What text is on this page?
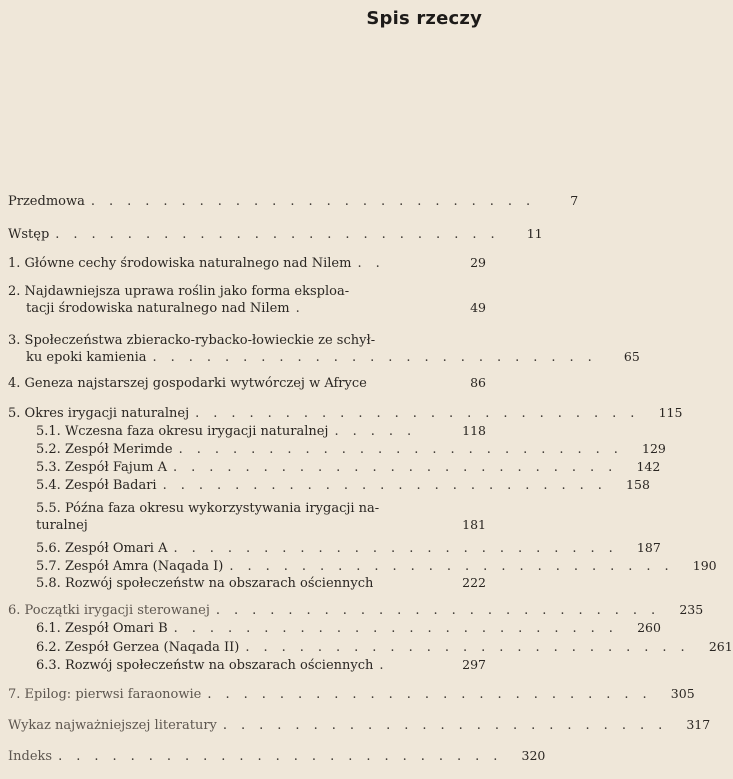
Spis rzeczy
Przedmowa .........................	7
Wstęp .........................	11
1. Główne cechy środowiska naturalnego nad Nilem ..	29
2. Najdawniejsza uprawa roślin jako forma eksploa-
tacji środowiska naturalnego nad Nilem .	49
3. Społeczeństwa zbieracko-rybacko-łowieckie ze schył-
ku epoki kamienia .........................	65
4. Geneza najstarszej gospodarki wytwórczej w Afryce	86
5. Okres irygacji naturalnej ......................... 115
5.1. Wczesna faza okresu irygacji naturalnej .....	118
5.2. Zespół Merimde ......................... 129
5.3. Zespół Fajum A ......................... 142
5.4. Zespół Badari ......................... 158
5.5. Późna faza okresu wykorzystywania irygacji na-
turalnej	181
5.6. Zespół Omari A ......................... 187
5.7. Zespół Amra (Naqada I) ......................... 190
5.8. Rozwój społeczeństw na obszarach ościennych	222
6. Początki irygacji sterowanej ......................... 235
6.1. Zespół Omari B ......................... 260
6.2. Zespół Gerzea (Naqada II) ......................... 261
6.3. Rozwój społeczeństw na obszarach ościennych .	297
7. Epilog: pierwsi faraonowie ......................... 305
Wykaz najważniejszej literatury ......................... 317
Indeks ......................... 320
